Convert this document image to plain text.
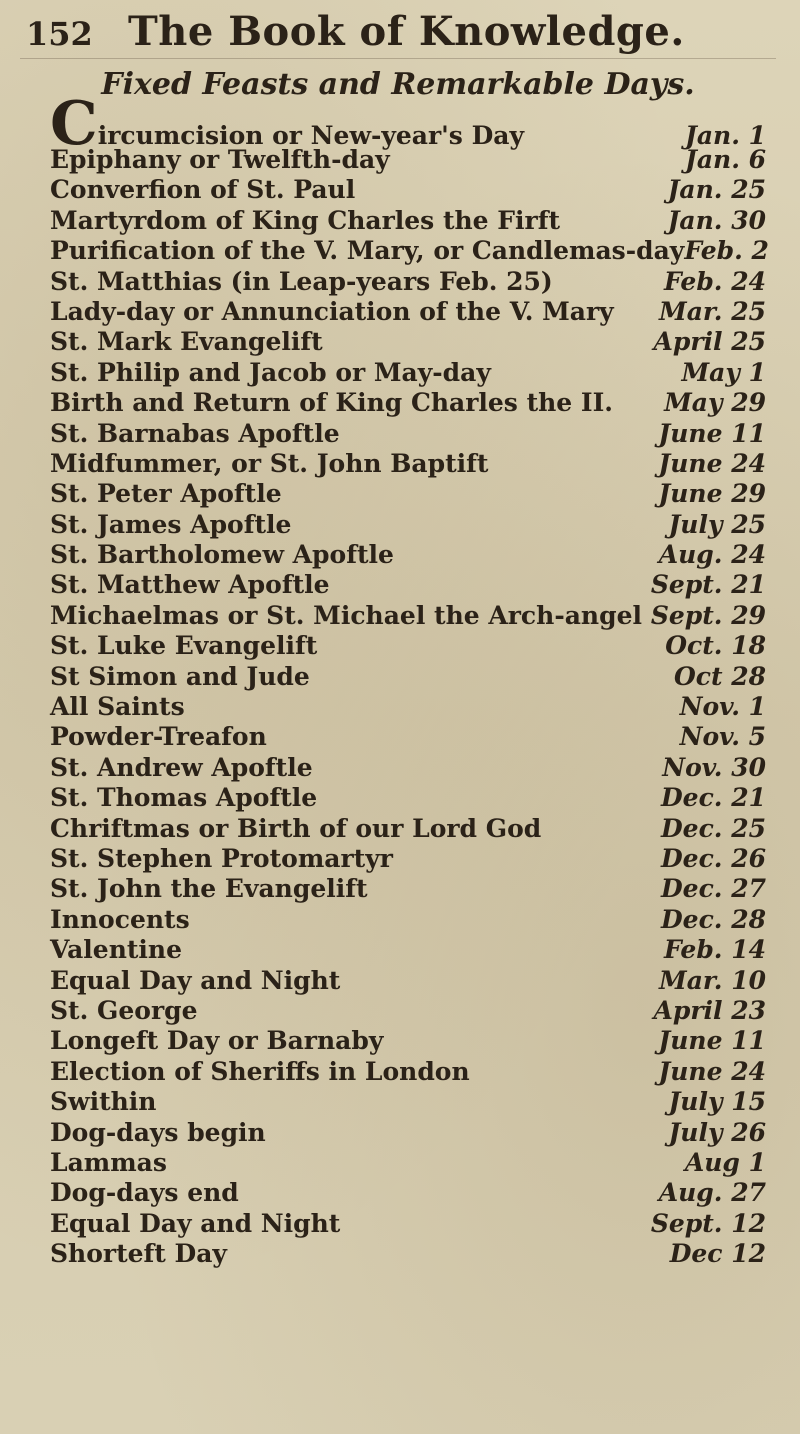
152 The Book of Knowledge.
Fixed Feasts and Remarkable Days.
Circumcision or New-year's Day	Jan. 1
Epiphany or Twelfth-day	Jan. 6
Converfion of St. Paul	Jan. 25
Martyrdom of King Charles the Firft	Jan. 30
Purification of the V. Mary, or Candlemas-day Feb. 2
St. Matthias (in Leap-years Feb. 25)	Feb. 24
Lady-day or Annunciation of the V. Mary Mar. 25
St. Mark Evangelift	April 25
St. Philip and Jacob or May-day	May 1
Birth and Return of King Charles the II. May 29
St. Barnabas Apoftle	June 11
Midfummer, or St. John Baptift	June 24
St. Peter Apoftle	June 29
St. James Apoftle	July 25
St. Bartholomew Apoftle	Aug. 24
St. Matthew Apoftle	Sept. 21
Michaelmas or St. Michael the Arch-angel Sept. 29
St. Luke Evangelift	Oct. 18
St Simon and Jude	Oct 28
All Saints	Nov. 1
Powder-Treafon	Nov. 5
St. Andrew Apoftle	Nov. 30
St. Thomas Apoftle	Dec. 21
Chriftmas or Birth of our Lord God	Dec. 25
St. Stephen Protomartyr	Dec. 26
St. John the Evangelift	Dec. 27
Innocents	Dec. 28
Valentine	Feb. 14
Equal Day and Night	Mar. 10
St. George	April 23
Longeft Day or Barnaby	June 11
Election of Sheriffs in London	June 24
Swithin	July 15
Dog-days begin	July 26
Lammas	Aug 1
Dog-days end	Aug. 27
Equal Day and Night	Sept. 12
Shorteft Day	Dec 12
